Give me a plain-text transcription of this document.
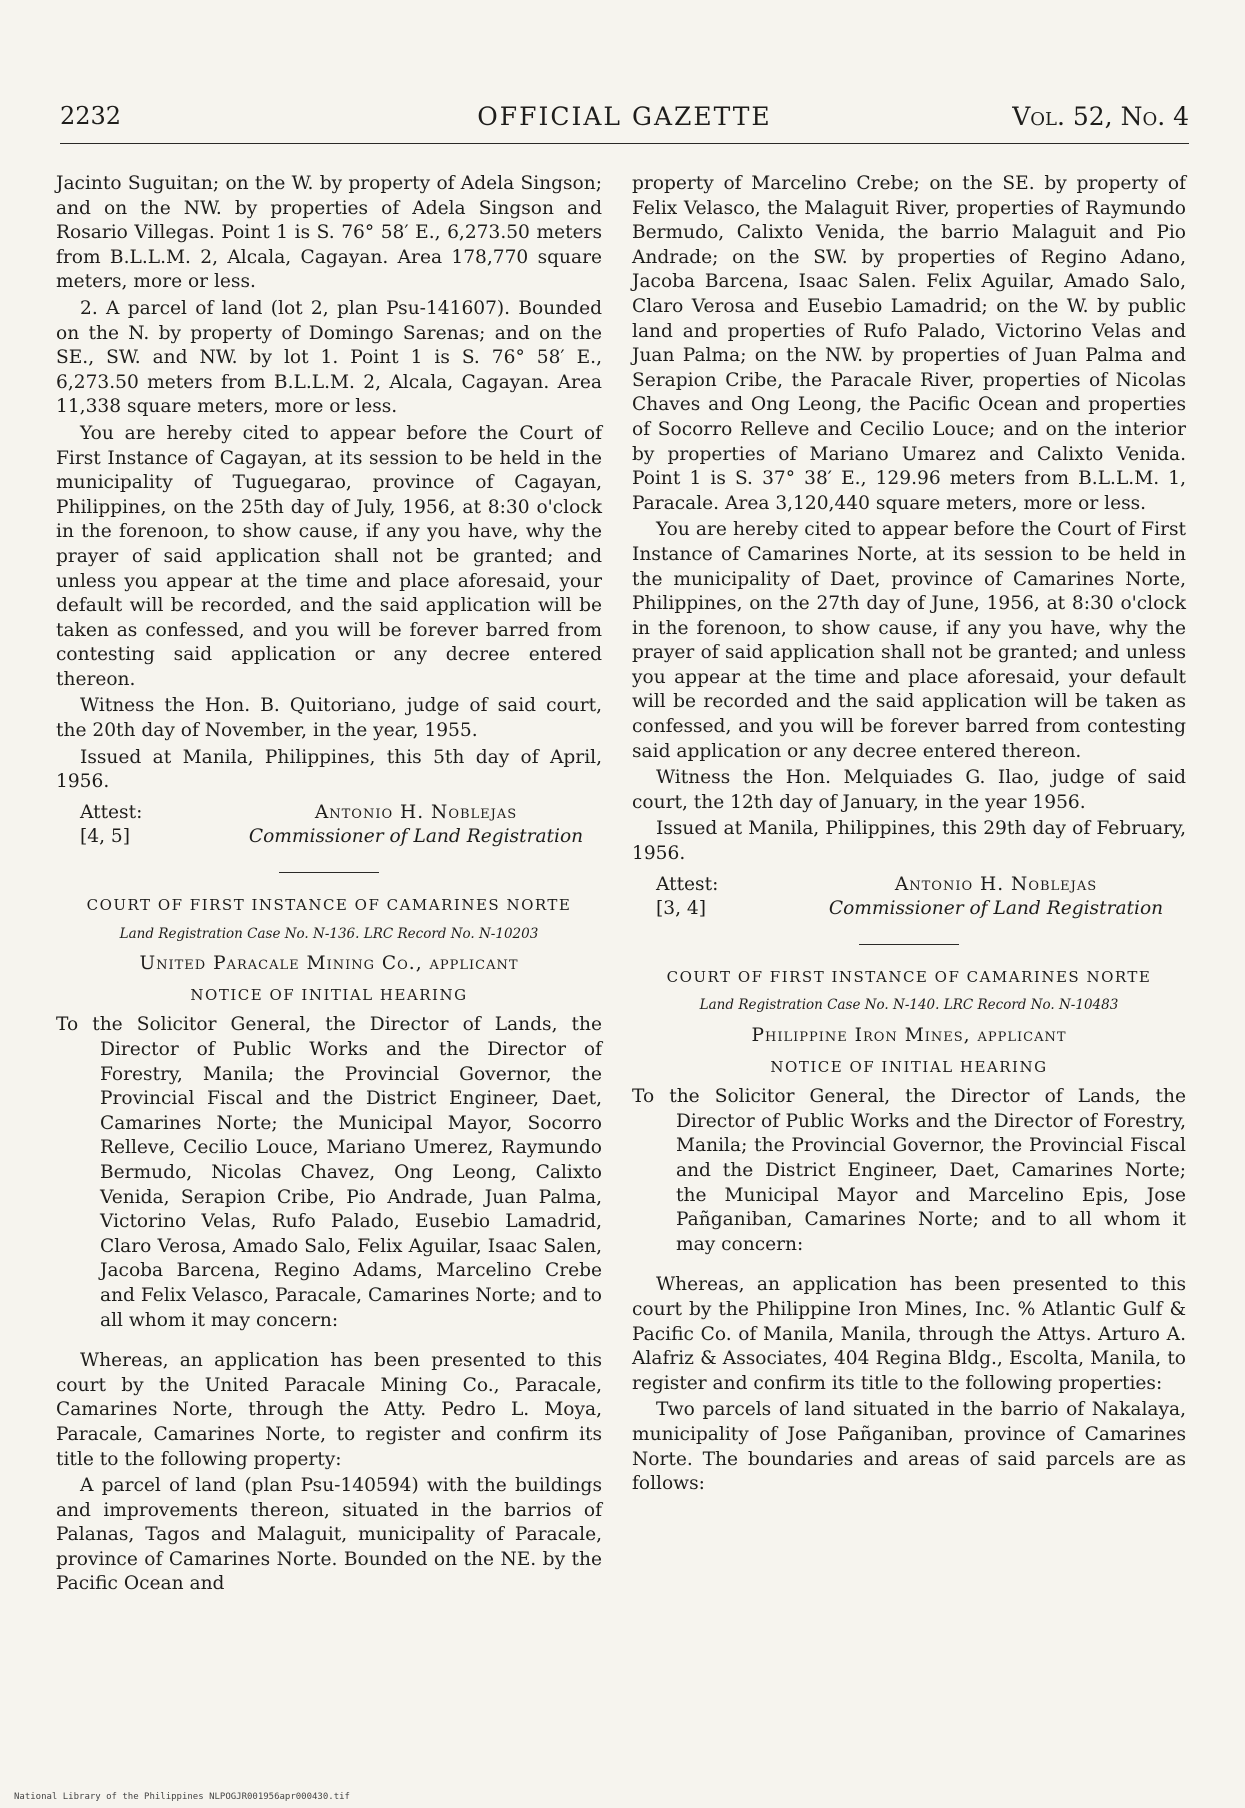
2232	OFFICIAL GAZETTE	Vol. 52, No. 4

Jacinto Suguitan; on the W. by property of Adela Singson; and on the NW. by properties of Adela Singson and Rosario Villegas. Point 1 is S. 76° 58′ E., 6,273.50 meters from B.L.L.M. 2, Alcala, Cagayan. Area 178,770 square meters, more or less.

2. A parcel of land (lot 2, plan Psu-141607). Bounded on the N. by property of Domingo Sarenas; and on the SE., SW. and NW. by lot 1. Point 1 is S. 76° 58′ E., 6,273.50 meters from B.L.L.M. 2, Alcala, Cagayan. Area 11,338 square meters, more or less.

You are hereby cited to appear before the Court of First Instance of Cagayan, at its session to be held in the municipality of Tuguegarao, province of Cagayan, Philippines, on the 25th day of July, 1956, at 8:30 o'clock in the forenoon, to show cause, if any you have, why the prayer of said application shall not be granted; and unless you appear at the time and place aforesaid, your default will be recorded, and the said application will be taken as confessed, and you will be forever barred from contesting said application or any decree entered thereon.

Witness the Hon. B. Quitoriano, judge of said court, the 20th day of November, in the year, 1955.

Issued at Manila, Philippines, this 5th day of April, 1956.

Attest:	Antonio H. Noblejas
[4, 5]	Commissioner of Land Registration
COURT OF FIRST INSTANCE OF CAMARINES NORTE
Land Registration Case No. N-136. LRC Record No. N-10203
United Paracale Mining Co., applicant
NOTICE OF INITIAL HEARING

To the Solicitor General, the Director of Lands, the Director of Public Works and the Director of Forestry, Manila; the Provincial Governor, the Provincial Fiscal and the District Engineer, Daet, Camarines Norte; the Municipal Mayor, Socorro Relleve, Cecilio Louce, Mariano Umerez, Raymundo Bermudo, Nicolas Chavez, Ong Leong, Calixto Venida, Serapion Cribe, Pio Andrade, Juan Palma, Victorino Velas, Rufo Palado, Eusebio Lamadrid, Claro Verosa, Amado Salo, Felix Aguilar, Isaac Salen, Jacoba Barcena, Regino Adams, Marcelino Crebe and Felix Velasco, Paracale, Camarines Norte; and to all whom it may concern:

Whereas, an application has been presented to this court by the United Paracale Mining Co., Paracale, Camarines Norte, through the Atty. Pedro L. Moya, Paracale, Camarines Norte, to register and confirm its title to the following property:

A parcel of land (plan Psu-140594) with the buildings and improvements thereon, situated in the barrios of Palanas, Tagos and Malaguit, municipality of Paracale, province of Camarines Norte. Bounded on the NE. by the Pacific Ocean and

property of Marcelino Crebe; on the SE. by property of Felix Velasco, the Malaguit River, properties of Raymundo Bermudo, Calixto Venida, the barrio Malaguit and Pio Andrade; on the SW. by properties of Regino Adano, Jacoba Barcena, Isaac Salen. Felix Aguilar, Amado Salo, Claro Verosa and Eusebio Lamadrid; on the W. by public land and properties of Rufo Palado, Victorino Velas and Juan Palma; on the NW. by properties of Juan Palma and Serapion Cribe, the Paracale River, properties of Nicolas Chaves and Ong Leong, the Pacific Ocean and properties of Socorro Relleve and Cecilio Louce; and on the interior by properties of Mariano Umarez and Calixto Venida. Point 1 is S. 37° 38′ E., 129.96 meters from B.L.L.M. 1, Paracale. Area 3,120,440 square meters, more or less.

You are hereby cited to appear before the Court of First Instance of Camarines Norte, at its session to be held in the municipality of Daet, province of Camarines Norte, Philippines, on the 27th day of June, 1956, at 8:30 o'clock in the forenoon, to show cause, if any you have, why the prayer of said application shall not be granted; and unless you appear at the time and place aforesaid, your default will be recorded and the said application will be taken as confessed, and you will be forever barred from contesting said application or any decree entered thereon.

Witness the Hon. Melquiades G. Ilao, judge of said court, the 12th day of January, in the year 1956.

Issued at Manila, Philippines, this 29th day of February, 1956.

Attest:	Antonio H. Noblejas
[3, 4]	Commissioner of Land Registration
COURT OF FIRST INSTANCE OF CAMARINES NORTE
Land Registration Case No. N-140. LRC Record No. N-10483
Philippine Iron Mines, applicant
NOTICE OF INITIAL HEARING

To the Solicitor General, the Director of Lands, the Director of Public Works and the Director of Forestry, Manila; the Provincial Governor, the Provincial Fiscal and the District Engineer, Daet, Camarines Norte; the Municipal Mayor and Marcelino Epis, Jose Pañganiban, Camarines Norte; and to all whom it may concern:

Whereas, an application has been presented to this court by the Philippine Iron Mines, Inc. % Atlantic Gulf & Pacific Co. of Manila, Manila, through the Attys. Arturo A. Alafriz & Associates, 404 Regina Bldg., Escolta, Manila, to register and confirm its title to the following properties:

Two parcels of land situated in the barrio of Nakalaya, municipality of Jose Pañganiban, province of Camarines Norte. The boundaries and areas of said parcels are as follows:

National Library of the Philippines NLPOGJR001956apr000430.tif
